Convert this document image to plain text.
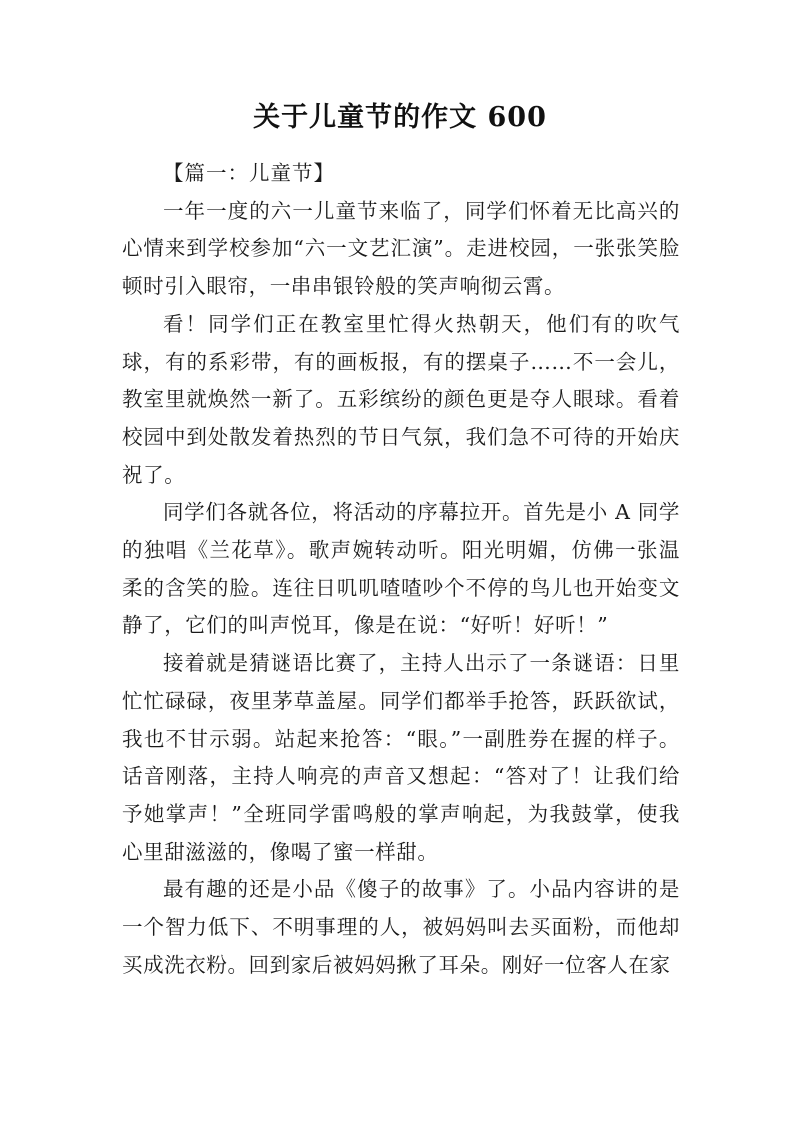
关于儿童节的作文 600

【篇一：儿童节】

一年一度的六一儿童节来临了，同学们怀着无比高兴的心情来到学校参加“六一文艺汇演”。走进校园，一张张笑脸顿时引入眼帘，一串串银铃般的笑声响彻云霄。

看！同学们正在教室里忙得火热朝天，他们有的吹气球，有的系彩带，有的画板报，有的摆桌子……不一会儿，教室里就焕然一新了。五彩缤纷的颜色更是夺人眼球。看着校园中到处散发着热烈的节日气氛，我们急不可待的开始庆祝了。

同学们各就各位，将活动的序幕拉开。首先是小 A 同学的独唱《兰花草》。歌声婉转动听。阳光明媚，仿佛一张温柔的含笑的脸。连往日叽叽喳喳吵个不停的鸟儿也开始变文静了，它们的叫声悦耳，像是在说：“好听！好听！”

接着就是猜谜语比赛了，主持人出示了一条谜语：日里忙忙碌碌，夜里茅草盖屋。同学们都举手抢答，跃跃欲试，我也不甘示弱。站起来抢答：“眼。”一副胜券在握的样子。话音刚落，主持人响亮的声音又想起：“答对了！让我们给予她掌声！”全班同学雷鸣般的掌声响起，为我鼓掌，使我心里甜滋滋的，像喝了蜜一样甜。

最有趣的还是小品《傻子的故事》了。小品内容讲的是一个智力低下、不明事理的人，被妈妈叫去买面粉，而他却买成洗衣粉。回到家后被妈妈揪了耳朵。刚好一位客人在家
